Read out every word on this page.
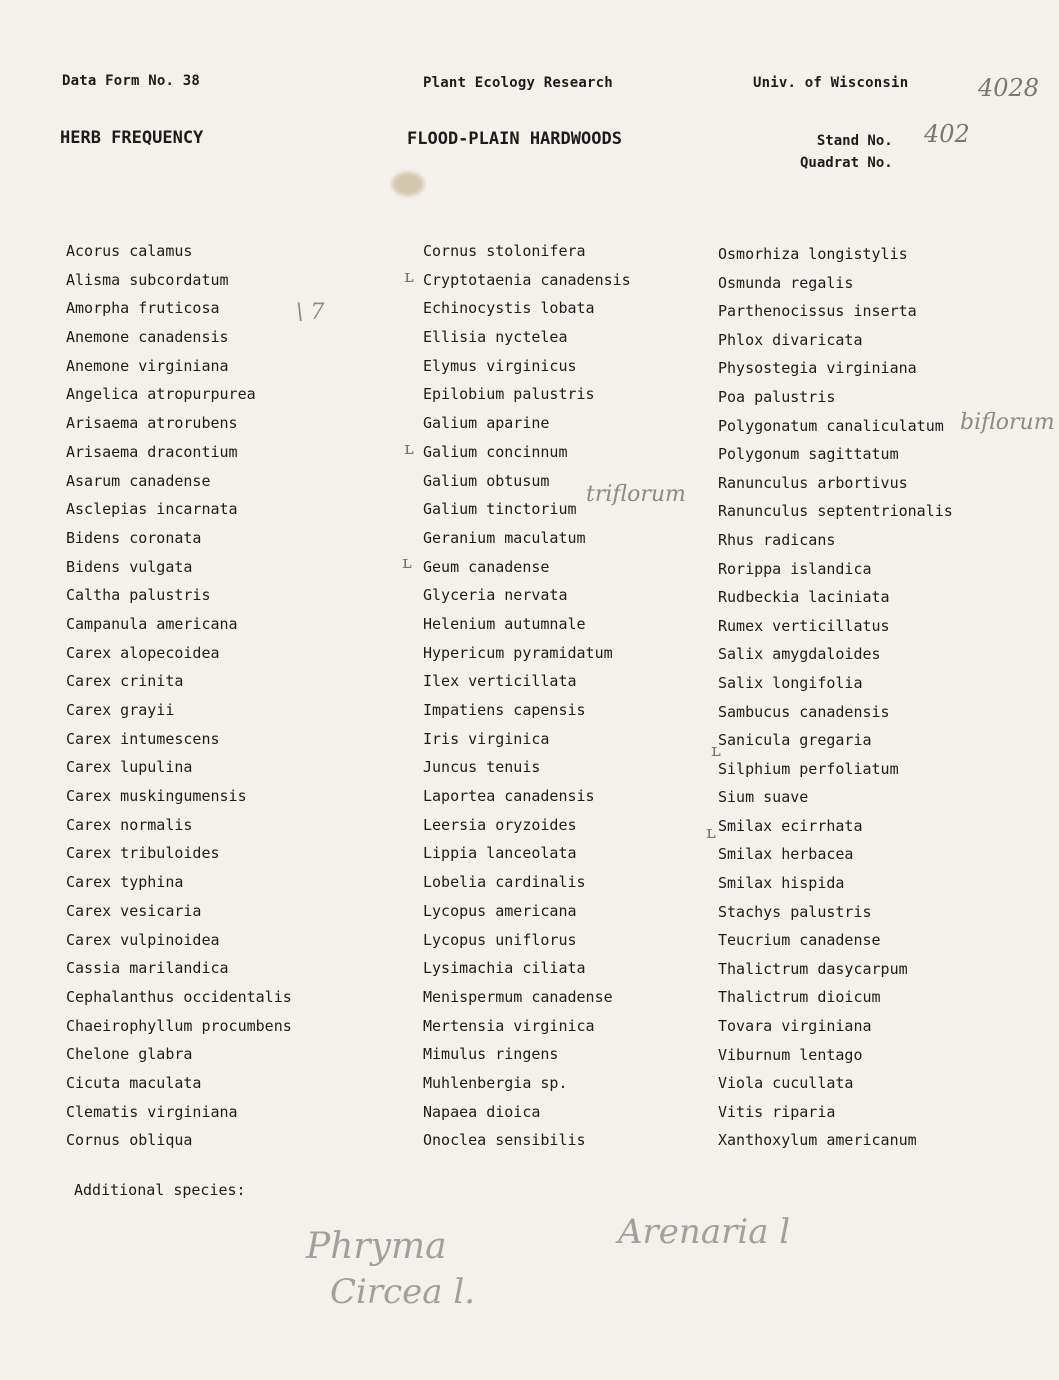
Data Form No. 38	Plant Ecology Research	Univ. of Wisconsin	4028
HERB FREQUENCY	FLOOD-PLAIN HARDWOODS	Stand No.
Quadrat No.
402
Acorus calamus
Alisma subcordatum
Amorpha fruticosa
Anemone canadensis
Anemone virginiana
Angelica atropurpurea
Arisaema atrorubens
Arisaema dracontium
Asarum canadense
Asclepias incarnata
Bidens coronata
Bidens vulgata
Caltha palustris
Campanula americana
Carex alopecoidea
Carex crinita
Carex grayii
Carex intumescens
Carex lupulina
Carex muskingumensis
Carex normalis
Carex tribuloides
Carex typhina
Carex vesicaria
Carex vulpinoidea
Cassia marilandica
Cephalanthus occidentalis
Chaeirophyllum procumbens
Chelone glabra
Cicuta maculata
Clematis virginiana
Cornus obliqua
Cornus stolonifera
Cryptotaenia canadensis
Echinocystis lobata
Ellisia nyctelea
Elymus virginicus
Epilobium palustris
Galium aparine
Galium concinnum
Galium obtusum
Galium tinctorium
Geranium maculatum
Geum canadense
Glyceria nervata
Helenium autumnale
Hypericum pyramidatum
Ilex verticillata
Impatiens capensis
Iris virginica
Juncus tenuis
Laportea canadensis
Leersia oryzoides
Lippia lanceolata
Lobelia cardinalis
Lycopus americana
Lycopus uniflorus
Lysimachia ciliata
Menispermum canadense
Mertensia virginica
Mimulus ringens
Muhlenbergia sp.
Napaea dioica
Onoclea sensibilis
Osmorhiza longistylis
Osmunda regalis
Parthenocissus inserta
Phlox divaricata
Physostegia virginiana
Poa palustris
Polygonatum canaliculatum
Polygonum sagittatum
Ranunculus arbortivus
Ranunculus septentrionalis
Rhus radicans
Rorippa islandica
Rudbeckia laciniata
Rumex verticillatus
Salix amygdaloides
Salix longifolia
Sambucus canadensis
Sanicula gregaria
Silphium perfoliatum
Sium suave
Smilax ecirrhata
Smilax herbacea
Smilax hispida
Stachys palustris
Teucrium canadense
Thalictrum dasycarpum
Thalictrum dioicum
Tovara virginiana
Viburnum lentago
Viola cucullata
Vitis riparia
Xanthoxylum americanum
ʟ
ʟ
ʟ
ʟ
ʟ
\ 7
triflorum
biflorum
Additional species:
Phryma	Arenaria l
Circea l.
